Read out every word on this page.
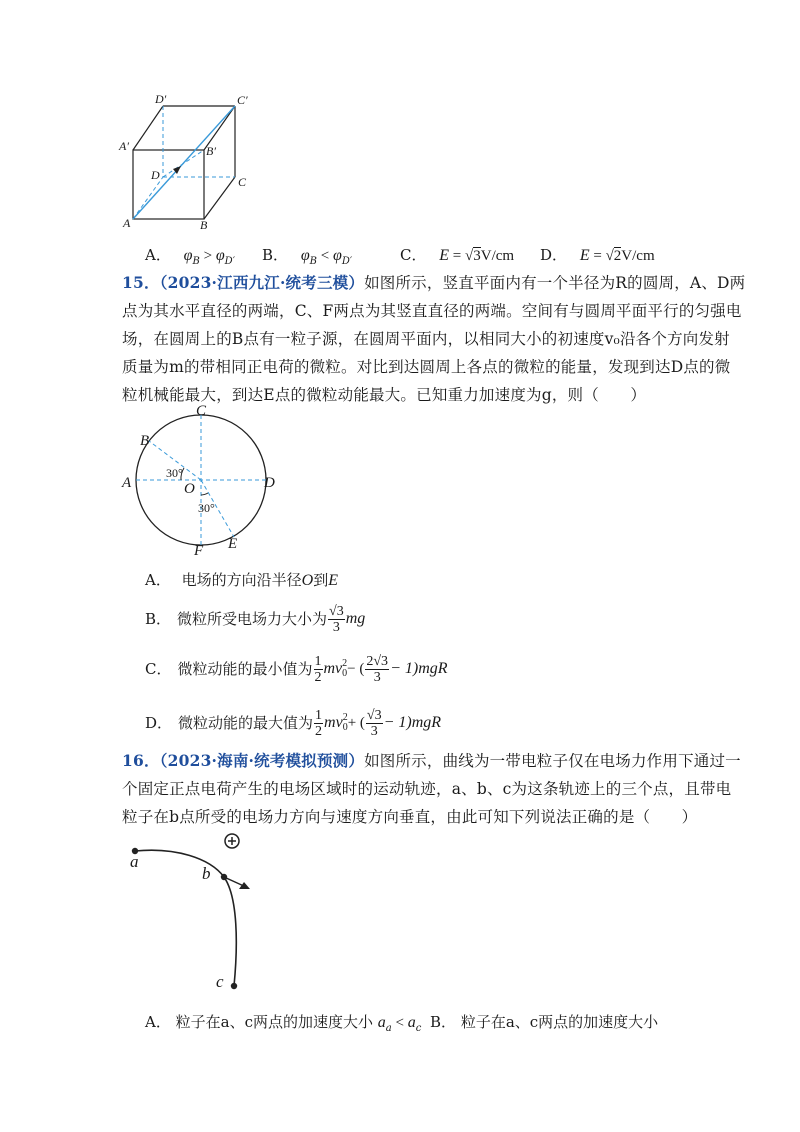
D′	C′
A′	B′
D	C
A	B
A． $\varphi_B > \varphi_{D'}$ B． $\varphi_B < \varphi_{D'}$	C． E = √3V/cm D． E = √2V/cm
15．（2023·江西九江·统考三模）如图所示，竖直平面内有一个半径为R的圆周，A、D两
点为其水平直径的两端，C、F两点为其竖直直径的两端。空间有与圆周平面平行的匀强电
场，在圆周上的B点有一粒子源，在圆周平面内，以相同大小的初速度v₀沿各个方向发射
质量为m的带相同正电荷的微粒。对比到达圆周上各点的微粒的能量，发现到达D点的微
粒机械能最大，到达E点的微粒动能最大。已知重力加速度为g，则（　　）
C
B
A	D
O
F E
30°
30°
A． 电场的方向沿半径O到E
B． 微粒所受电场力大小为 $\frac{√3}{3}$ mg
C． 微粒动能的最小值为 $\frac{1}{2}$ mv 2
0 − ( $\frac{2√3}{3} - 1)mgR$
D． 微粒动能的最大值为 $\frac{1}{2}$ mv 2
0 + ( $\frac{√3}{3} - 1)mgR$
16．（2023·海南·统考模拟预测）如图所示，曲线为一带电粒子仅在电场力作用下通过一
个固定正点电荷产生的电场区域时的运动轨迹，a、b、c为这条轨迹上的三个点，且带电
粒子在b点所受的电场力方向与速度方向垂直，由此可知下列说法正确的是（　　）
a
b
c
A． 粒子在a、c两点的加速度大小 $a_a < a_c$ B． 粒子在a、c两点的加速度大小
